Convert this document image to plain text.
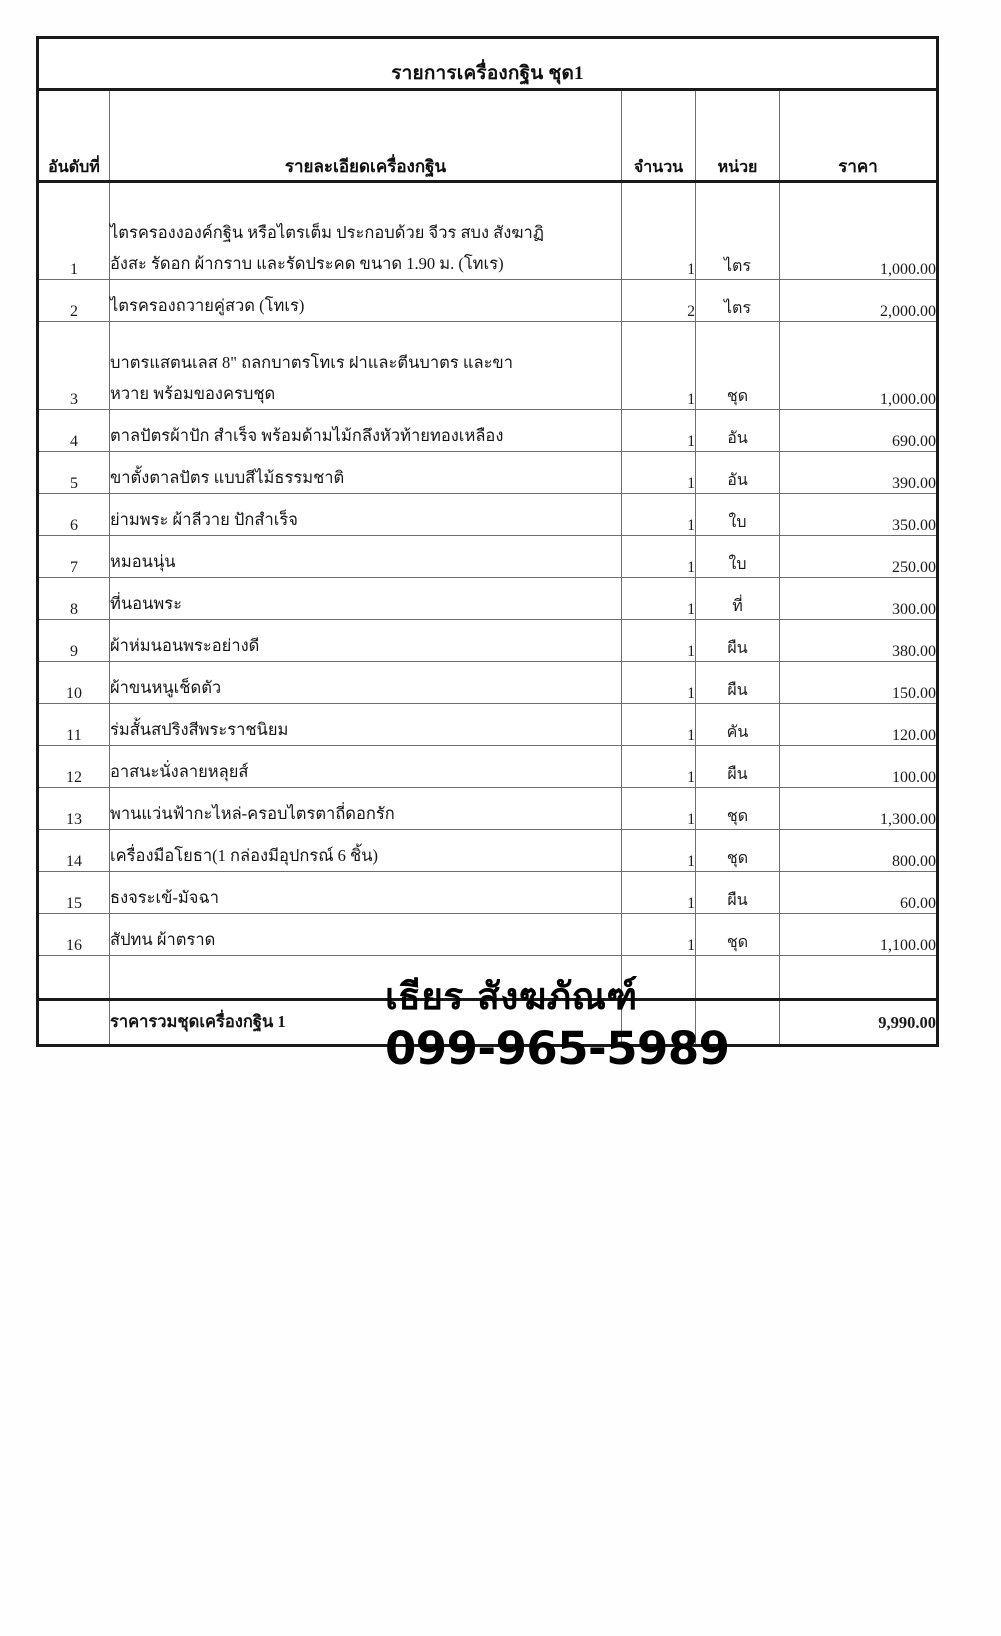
รายการเครื่องกฐิน ชุด1				
อันดับที่	รายละเอียดเครื่องกฐิน	จำนวน	หน่วย	ราคา
1	ไตรครองงองค์กฐิน หรือไตรเต็ม ประกอบด้วย จีวร สบง สังฆาฏิ
อังสะ รัดอก ผ้ากราบ และรัดประคด ขนาด 1.90 ม. (โทเร)	1	ไตร	1,000.00
2	ไตรครองถวายคู่สวด (โทเร)	2	ไตร	2,000.00
3	บาตรแสตนเลส 8" ถลกบาตรโทเร ฝาและตีนบาตร และขา
หวาย พร้อมของครบชุด	1	ชุด	1,000.00
4	ตาลปัตรผ้าปัก สำเร็จ พร้อมด้ามไม้กลึงหัวท้ายทองเหลือง	1	อัน	690.00
5	ขาตั้งตาลปัตร แบบสีไม้ธรรมชาติ	1	อัน	390.00
6	ย่ามพระ ผ้าลีวาย ปักสำเร็จ	1	ใบ	350.00
7	หมอนนุ่น	1	ใบ	250.00
8	ที่นอนพระ	1	ที่	300.00
9	ผ้าห่มนอนพระอย่างดี	1	ผืน	380.00
10	ผ้าขนหนูเช็ดตัว	1	ผืน	150.00
11	ร่มสั้นสปริงสีพระราชนิยม	1	คัน	120.00
12	อาสนะนั่งลายหลุยส์	1	ผืน	100.00
13	พานแว่นฟ้ากะไหล่-ครอบไตรตาถี่ดอกรัก	1	ชุด	1,300.00
14	เครื่องมือโยธา(1 กล่องมีอุปกรณ์ 6 ชิ้น)	1	ชุด	800.00
15	ธงจระเข้-มัจฉา	1	ผืน	60.00
16	สัปทน ผ้าตราด	1	ชุด	1,100.00

	ราคารวมชุดเครื่องกฐิน 1			9,990.00
เธียร สังฆภัณฑ์
099-965-5989
